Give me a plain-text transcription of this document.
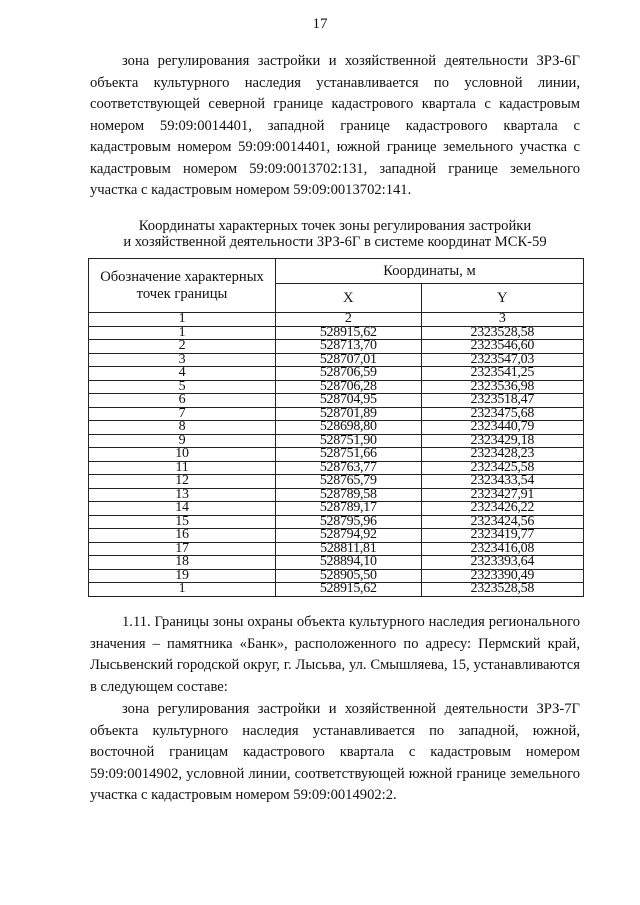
17

зона регулирования застройки и хозяйственной деятельности ЗРЗ-6Г объекта культурного наследия устанавливается по условной линии, соответствующей северной границе кадастрового квартала с кадастровым номером 59:09:0014401, западной границе кадастрового квартала с кадастровым номером 59:09:0014401, южной границе земельного участка с кадастровым номером 59:09:0013702:131, западной границе земельного участка с кадастровым номером 59:09:0013702:141.

Координаты характерных точек зоны регулирования застройки
и хозяйственной деятельности ЗРЗ-6Г в системе координат МСК-59
Обозначение характерных точек границы	Координаты, м	
	X	Y
1	2	3
1	528915,62	2323528,58
2	528713,70	2323546,60
3	528707,01	2323547,03
4	528706,59	2323541,25
5	528706,28	2323536,98
6	528704,95	2323518,47
7	528701,89	2323475,68
8	528698,80	2323440,79
9	528751,90	2323429,18
10	528751,66	2323428,23
11	528763,77	2323425,58
12	528765,79	2323433,54
13	528789,58	2323427,91
14	528789,17	2323426,22
15	528795,96	2323424,56
16	528794,92	2323419,77
17	528811,81	2323416,08
18	528894,10	2323393,64
19	528905,50	2323390,49
1	528915,62	2323528,58

1.11. Границы зоны охраны объекта культурного наследия регионального значения – памятника «Банк», расположенного по адресу: Пермский край, Лысьвенский городской округ, г. Лысьва, ул. Смышляева, 15, устанавливаются в следующем составе:

зона регулирования застройки и хозяйственной деятельности ЗРЗ-7Г объекта культурного наследия устанавливается по западной, южной, восточной границам кадастрового квартала с кадастровым номером 59:09:0014902, условной линии, соответствующей южной границе земельного участка с кадастровым номером 59:09:0014902:2.
